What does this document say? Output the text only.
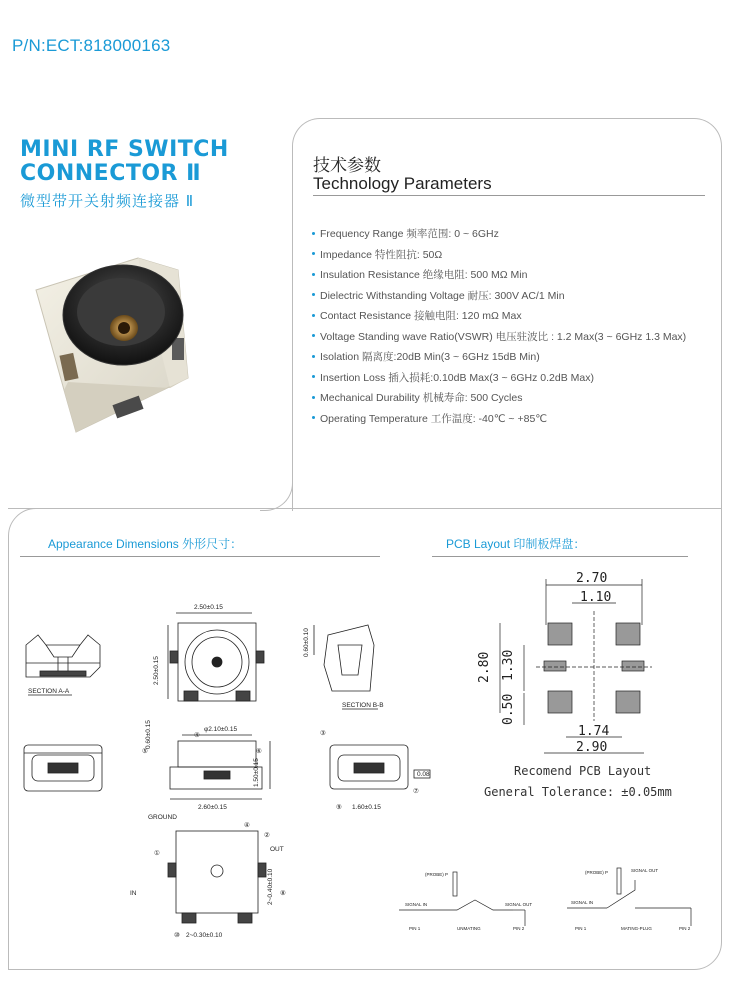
P/N:ECT:818000163
MINI RF SWITCH
CONNECTOR Ⅱ
微型带开关射频连接器 Ⅱ
技术参数
Technology Parameters
Frequency Range 频率范围: 0 ~ 6GHz
Impedance 特性阻抗: 50Ω
Insulation Resistance 绝缘电阻: 500 MΩ Min
Dielectric Withstanding Voltage 耐压: 300V AC/1 Min
Contact Resistance 接触电阻: 120 mΩ Max
Voltage Standing wave Ratio(VSWR) 电压驻波比 : 1.2 Max(3 ~ 6GHz 1.3 Max)
Isolation 隔离度:20dB Min(3 ~ 6GHz 15dB Min)
Insertion Loss 插入损耗:0.10dB Max(3 ~ 6GHz 0.2dB Max)
Mechanical Durability 机械寿命: 500 Cycles
Operating Temperature 工作温度: -40℃ ~ +85℃
Appearance Dimensions 外形尺寸：	PCB Layout 印制板焊盘：
SECTION A-A
2.50±0.15
2.50±0.15
0.60±0.10
SECTION B-B
φ2.10±0.15
0.60±0.15
1.50±0.15
2.60±0.15
④
⑤	⑥
0.08
③
⑦
⑨ 1.60±0.15
GROUND
①
④
②
OUT
IN	2~0.40±0.10 ⑧
⑩ 2~0.30±0.10
2.70
1.10
2.80 1.30
0.50
1.74
2.90
Recomend PCB Layout
General Tolerance: ±0.05mm
(PROBE) P
SIGNAL IN	SIGNAL OUT
PIN 1	PIN 2
UNMATING
(PROBE) P	SIGNAL OUT
SIGNAL IN
PIN 1	PIN 2
MATING-PLUG
